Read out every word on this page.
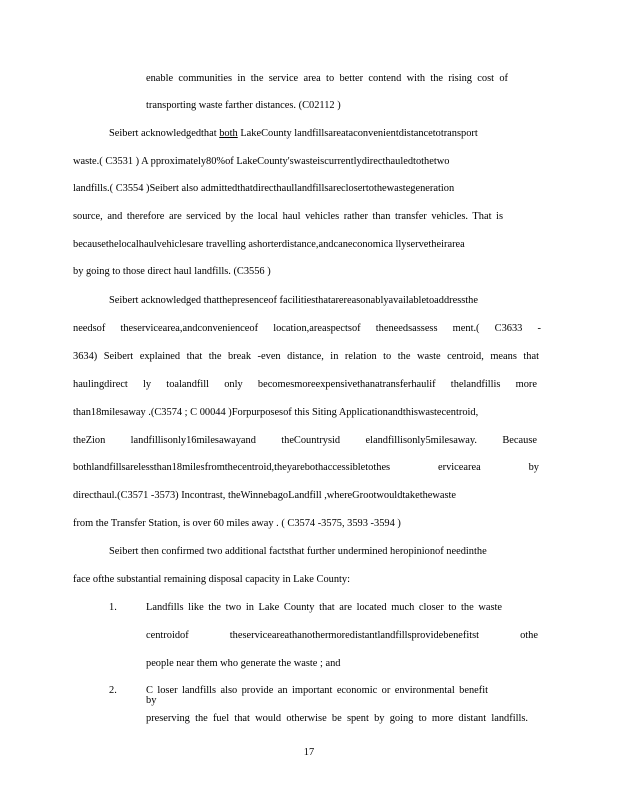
enable communities in the service area to better contend with the rising cost of
transporting waste farther distances. (C02112 )
Seibert acknowledgedthat both LakeCounty landfillsareataconvenientdistancetotransport
waste.( C3531 ) A pproximately80%of LakeCounty'swasteiscurrentlydirecthauledtothetwo
landfills.( C3554 )Seibert also admittedthatdirecthaullandfillsareclosertothewastegeneration
source, and therefore are serviced by the local haul vehicles rather than transfer vehicles. That is
becausethelocalhaulvehiclesare travelling ashorterdistance,andcaneconomica llyservetheirarea
by going to those direct haul landfills. (C3556 )
Seibert acknowledged thatthepresenceof facilitiesthatarereasonablyavailabletoaddressthe
needsof theservicearea,andconvenienceof location,areaspectsof theneedsassess ment.( C3633 -
3634) Seibert explained that the break -even distance, in relation to the waste centroid, means that
haulingdirect ly toalandfill only becomesmoreexpensivethanatransferhaulif thelandfillis more
than18milesaway .(C3574 ; C 00044 )Forpurposesof this Siting Applicationandthiswastecentroid,
theZion landfillisonly16milesawayand theCountrysid elandfillisonly5milesaway. Because
bothlandfillsarelessthan18milesfromthecentroid,theyarebothaccessibletothes ervicearea by
directhaul.(C3571 -3573) Incontrast, theWinnebagoLandfill ,whereGrootwouldtakethewaste
from the Transfer Station, is over 60 miles away . ( C3574 -3575, 3593 -3594 )
Seibert then confirmed two additional factsthat further undermined heropinionof needinthe
face ofthe substantial remaining disposal capacity in Lake County:
1.	Landfills like the two in Lake County that are located much closer to the waste
centroidof theserviceareathanothermoredistantlandfillsprovidebenefitst othe
people near them who generate the waste ; and
2.	C loser landfills also provide an important economic or environmental benefit by
preserving the fuel that would otherwise be spent by going to more distant landfills.
17
